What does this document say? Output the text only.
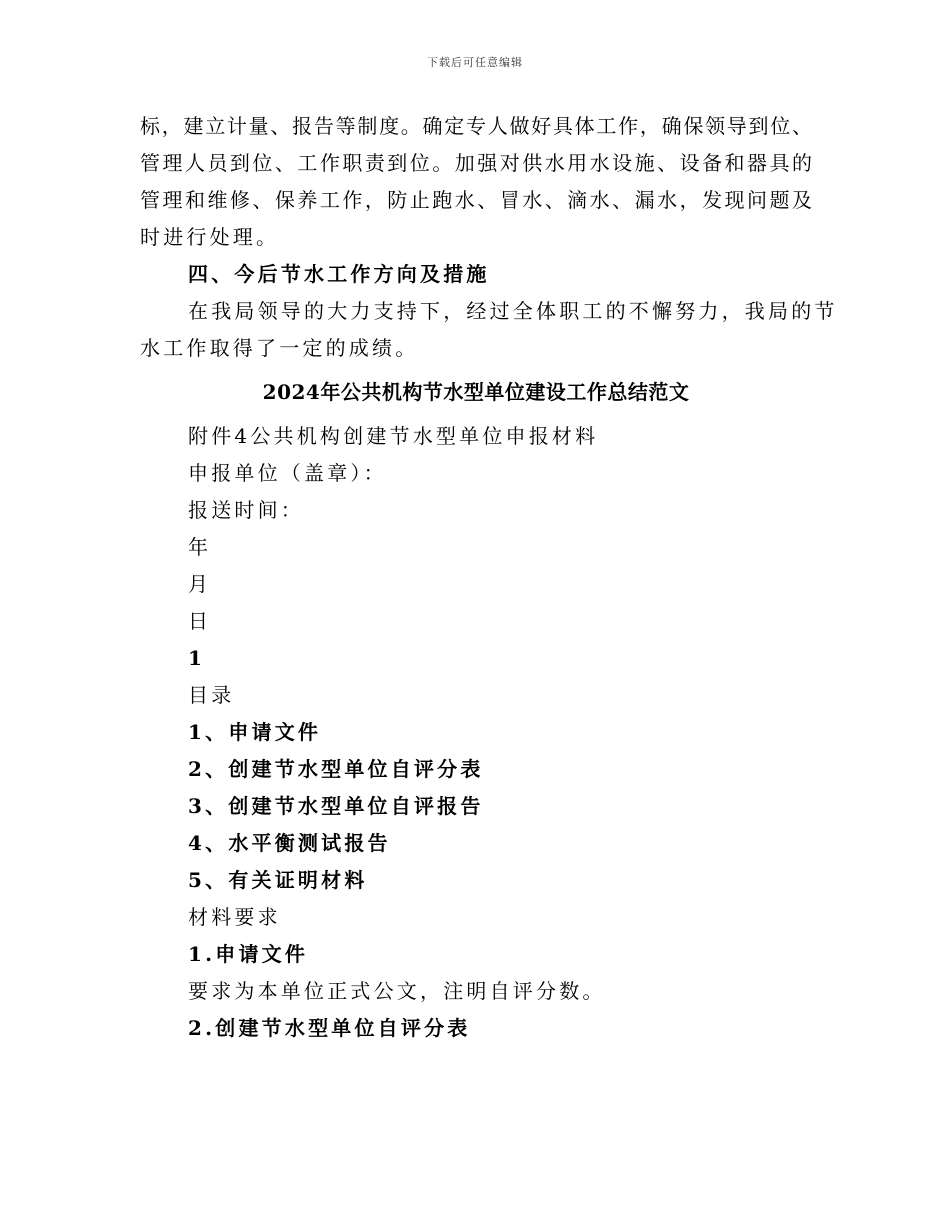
下载后可任意编辑
标，建立计量、报告等制度。确定专人做好具体工作，确保领导到位、
管理人员到位、工作职责到位。加强对供水用水设施、设备和器具的
管理和维修、保养工作，防止跑水、冒水、滴水、漏水，发现问题及
时进行处理。
四、今后节水工作方向及措施
在我局领导的大力支持下，经过全体职工的不懈努力，我局的节
水工作取得了一定的成绩。
2024年公共机构节水型单位建设工作总结范文
附件4公共机构创建节水型单位申报材料
申报单位（盖章）：
报送时间：
年
月
日
1
目录
1、申请文件
2、创建节水型单位自评分表
3、创建节水型单位自评报告
4、水平衡测试报告
5、有关证明材料
材料要求
1.申请文件
要求为本单位正式公文，注明自评分数。
2.创建节水型单位自评分表
